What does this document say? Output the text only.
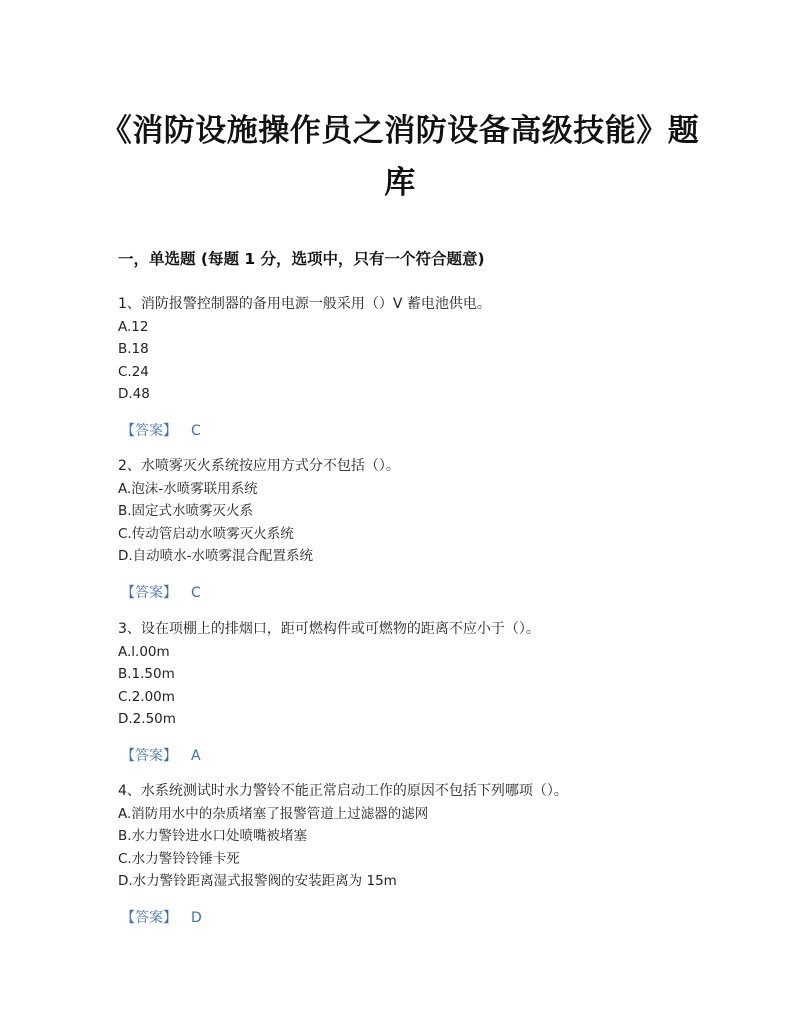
《消防设施操作员之消防设备高级技能》题库
一，单选题 (每题 1 分，选项中，只有一个符合题意)
1、消防报警控制器的备用电源一般采用（）V 蓄电池供电。
A.12
B.18
C.24
D.48
【答案】 C
2、水喷雾灭火系统按应用方式分不包括（）。
A.泡沫-水喷雾联用系统
B.固定式水喷雾灭火系
C.传动管启动水喷雾灭火系统
D.自动喷水-水喷雾混合配置系统
【答案】 C
3、设在项棚上的排烟口，距可燃构件或可燃物的距离不应小于（）。
A.l.00m
B.1.50m
C.2.00m
D.2.50m
【答案】 A
4、水系统测试时水力警铃不能正常启动工作的原因不包括下列哪项（）。
A.消防用水中的杂质堵塞了报警管道上过滤器的滤网
B.水力警铃进水口处喷嘴被堵塞
C.水力警铃铃锤卡死
D.水力警铃距离湿式报警阀的安装距离为 15m
【答案】 D
